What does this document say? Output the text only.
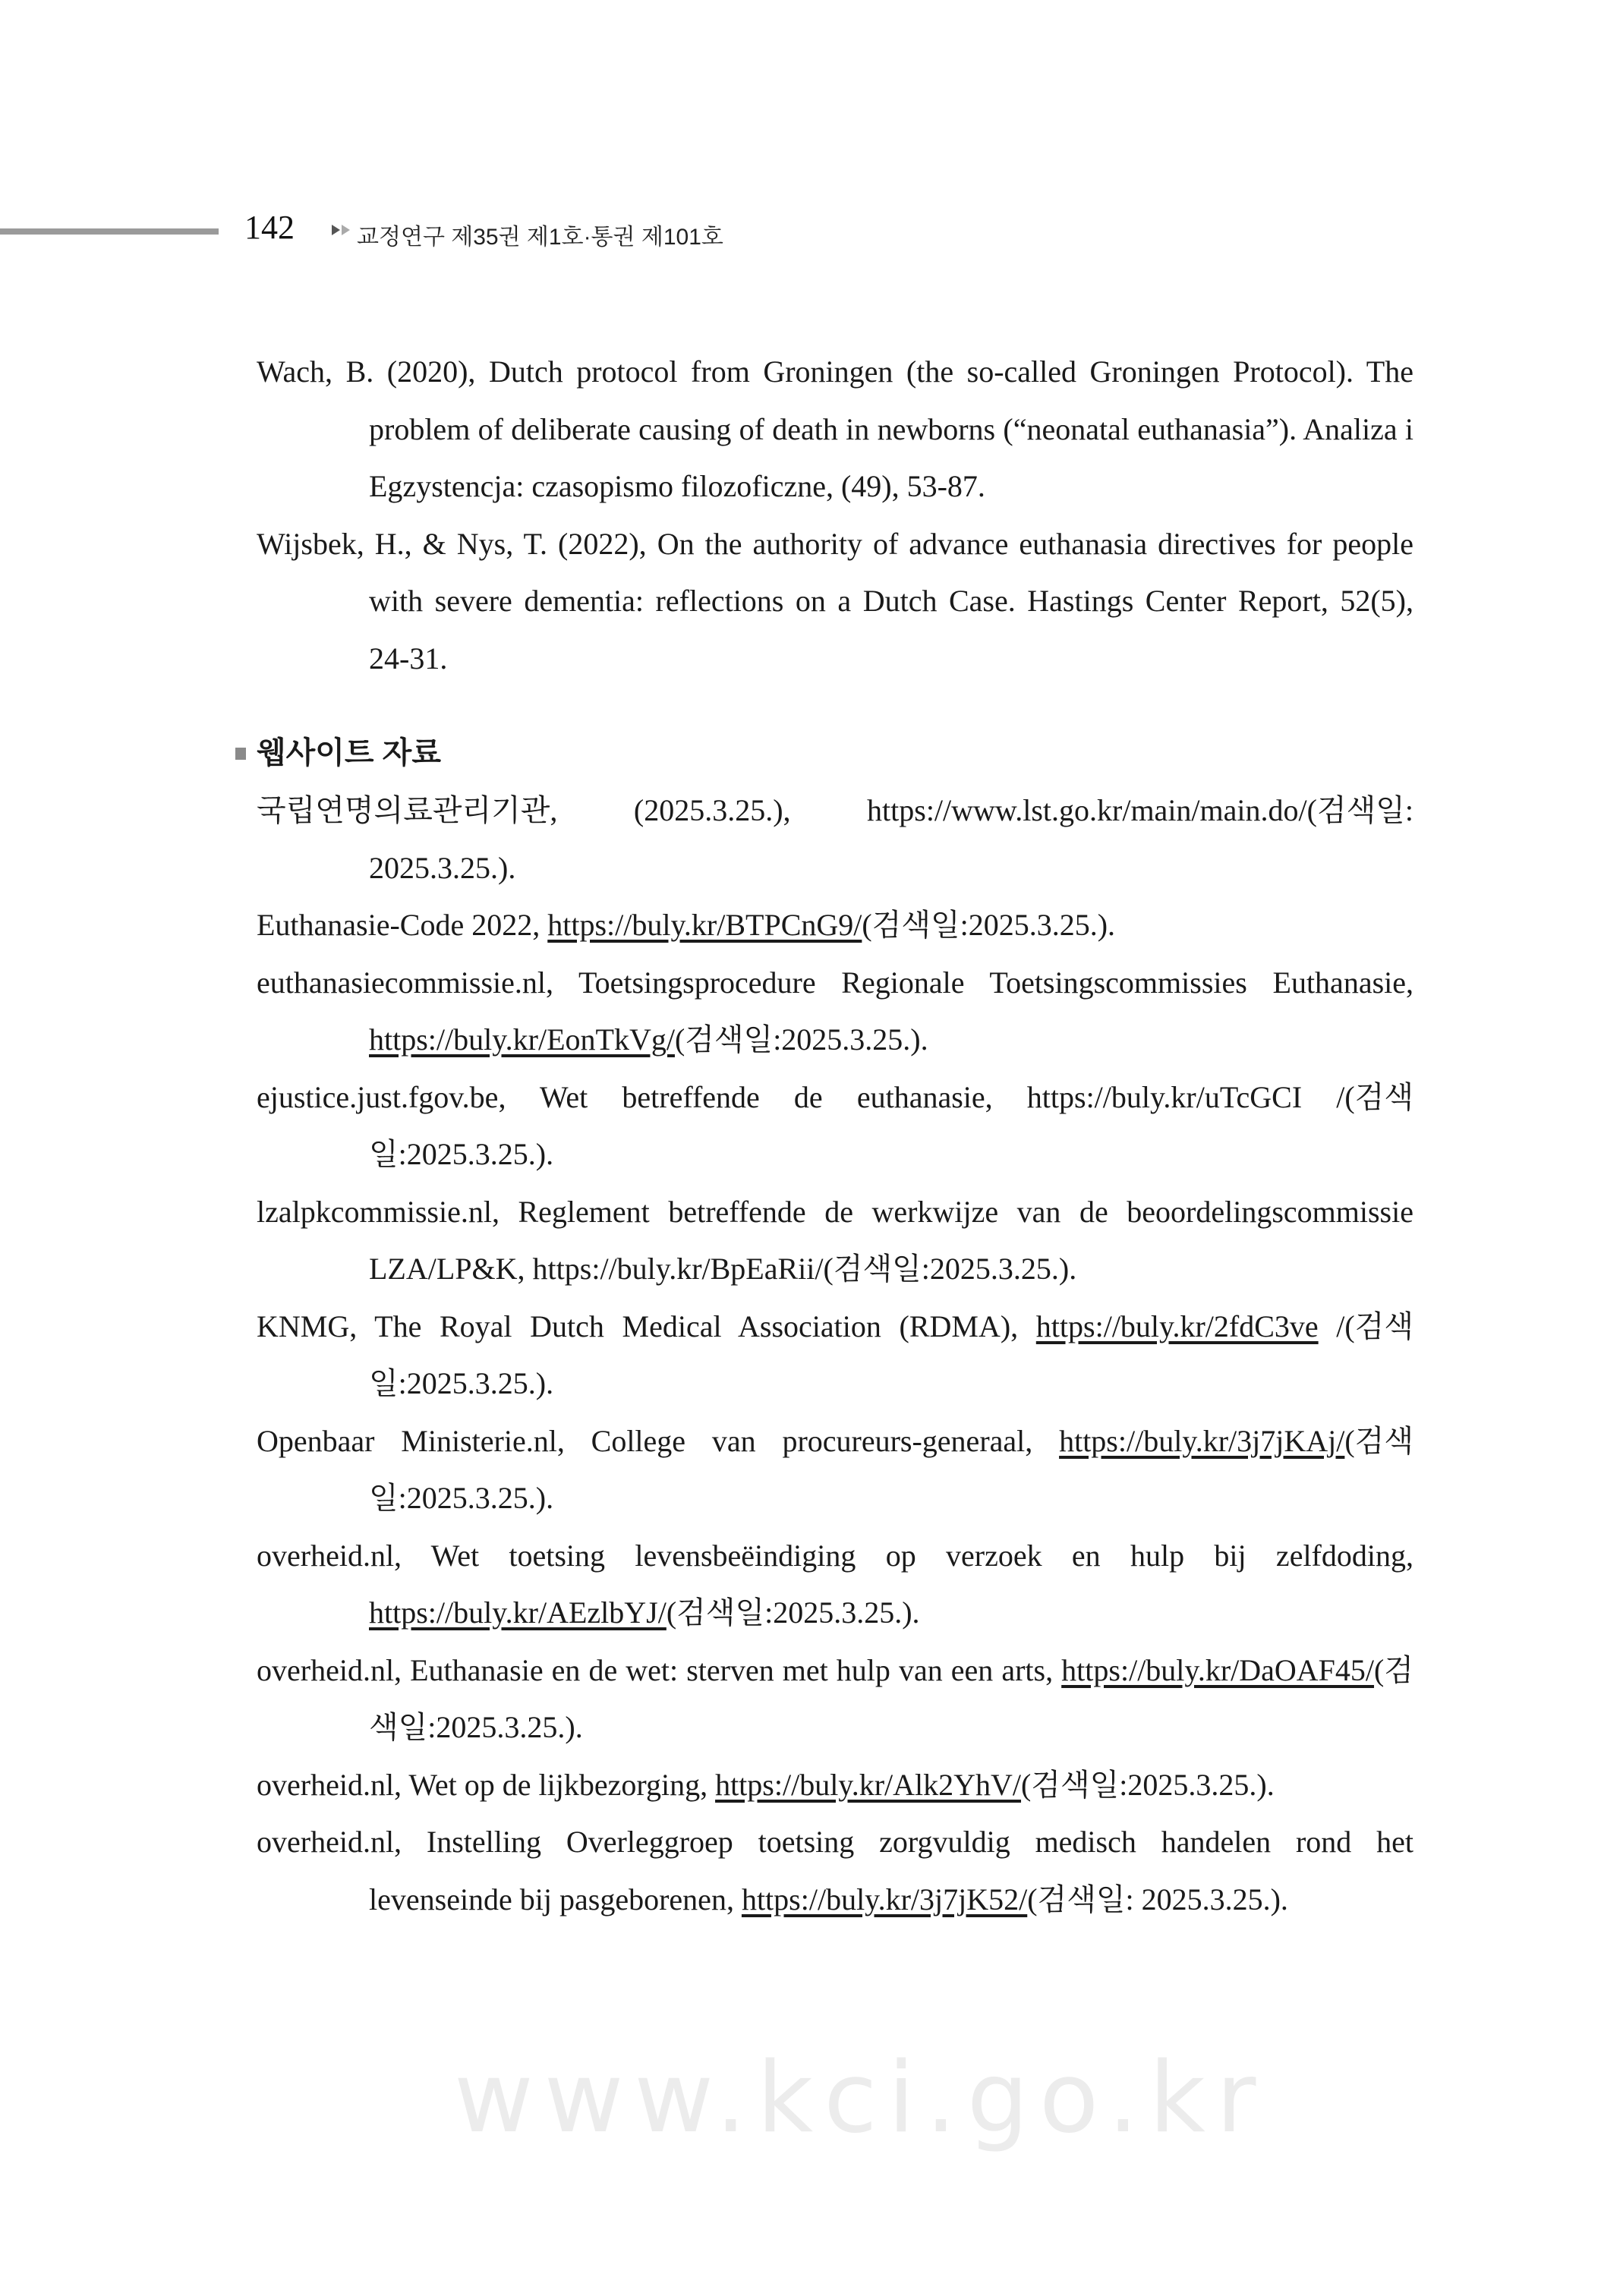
142	교정연구 제35권 제1호·통권 제101호
Wach, B. (2020), Dutch protocol from Groningen (the so-called Groningen Protocol). The problem of deliberate causing of death in newborns (“neonatal euthanasia”). Analiza i Egzystencja: czasopismo filozoficzne, (49), 53-87.
Wijsbek, H., & Nys, T. (2022), On the authority of advance euthanasia directives for people with severe dementia: reflections on a Dutch Case. Hastings Center Report, 52(5), 24-31.
웹사이트 자료
국립연명의료관리기관, (2025.3.25.), https://www.lst.go.kr/main/main.do/(검색일: 2025.3.25.).
Euthanasie-Code 2022, https://buly.kr/BTPCnG9/(검색일:2025.3.25.).
euthanasiecommissie.nl, Toetsingsprocedure Regionale Toetsingscommissies Euthanasie, https://buly.kr/EonTkVg/(검색일:2025.3.25.).
ejustice.just.fgov.be, Wet betreffende de euthanasie, https://buly.kr/uTcGCI /(검색일:2025.3.25.).
lzalpkcommissie.nl, Reglement betreffende de werkwijze van de beoordelingscommissie LZA/LP&K, https://buly.kr/BpEaRii/(검색일:2025.3.25.).
KNMG, The Royal Dutch Medical Association (RDMA), https://buly.kr/2fdC3ve /(검색일:2025.3.25.).
Openbaar Ministerie.nl, College van procureurs-generaal, https://buly.kr/3j7jKAj/(검색일:2025.3.25.).
overheid.nl, Wet toetsing levensbeëindiging op verzoek en hulp bij zelfdoding, https://buly.kr/AEzlbYJ/(검색일:2025.3.25.).
overheid.nl, Euthanasie en de wet: sterven met hulp van een arts, https://buly.kr/DaOAF45/(검색일:2025.3.25.).
overheid.nl, Wet op de lijkbezorging, https://buly.kr/Alk2YhV/(검색일:2025.3.25.).
overheid.nl, Instelling Overleggroep toetsing zorgvuldig medisch handelen rond het levenseinde bij pasgeborenen, https://buly.kr/3j7jK52/(검색일: 2025.3.25.).
www.kci.go.kr
